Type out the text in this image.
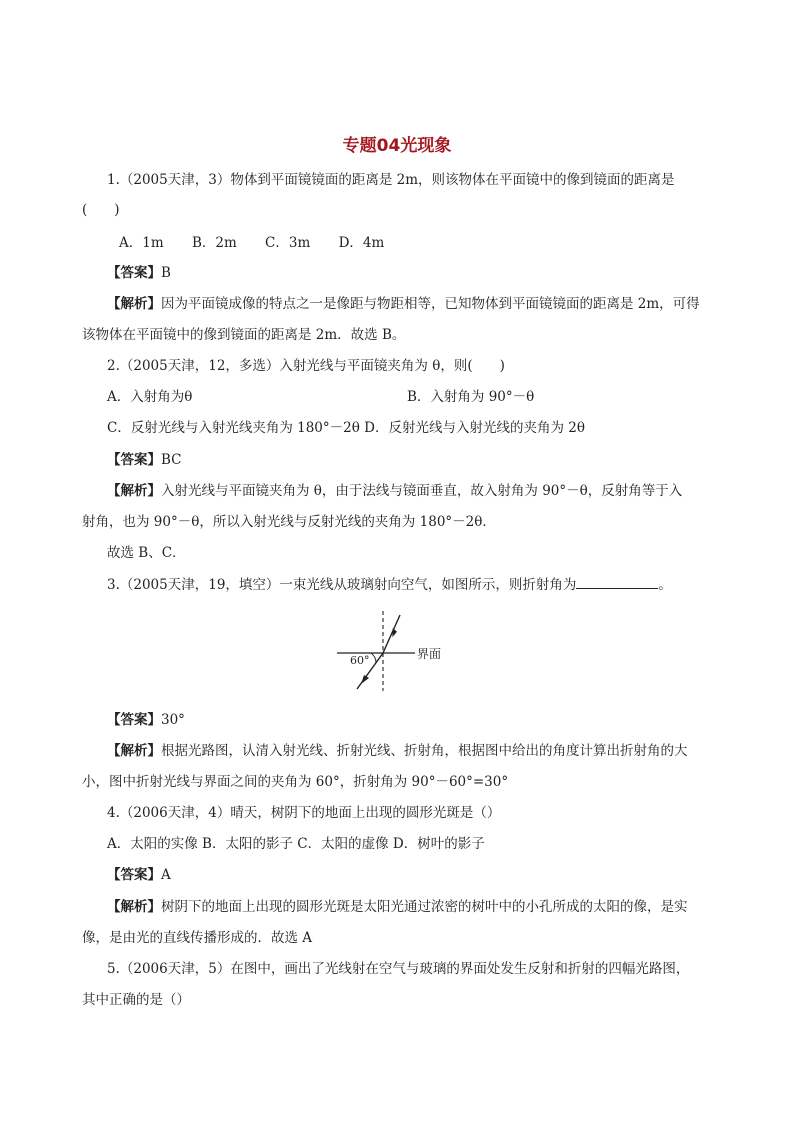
专题04光现象
1.（2005天津，3）物体到平面镜镜面的距离是 2m，则该物体在平面镜中的像到镜面的距离是
(　　)
A．1m B．2m C．3m D．4m
【答案】B
【解析】因为平面镜成像的特点之一是像距与物距相等，已知物体到平面镜镜面的距离是 2m，可得
该物体在平面镜中的像到镜面的距离是 2m．故选 B。
2.（2005天津，12，多选）入射光线与平面镜夹角为 θ，则(　　)
A．入射角为θ	B．入射角为 90°－θ
C．反射光线与入射光线夹角为 180°－2θ D．反射光线与入射光线的夹角为 2θ
【答案】BC
【解析】入射光线与平面镜夹角为 θ，由于法线与镜面垂直，故入射角为 90°－θ，反射角等于入
射角，也为 90°－θ，所以入射光线与反射光线的夹角为 180°－2θ．
故选 B、C．
3.（2005天津，19，填空）一束光线从玻璃射向空气，如图所示，则折射角为	。
60°	界面
【答案】30°
【解析】根据光路图，认清入射光线、折射光线、折射角，根据图中给出的角度计算出折射角的大
小，图中折射光线与界面之间的夹角为 60°，折射角为 90°－60°=30°
4.（2006天津，4）晴天，树阴下的地面上出现的圆形光斑是（）
A．太阳的实像 B．太阳的影子 C．太阳的虚像 D．树叶的影子
【答案】A
【解析】树阴下的地面上出现的圆形光斑是太阳光通过浓密的树叶中的小孔所成的太阳的像，是实
像，是由光的直线传播形成的．故选 A
5.（2006天津，5）在图中，画出了光线射在空气与玻璃的界面处发生反射和折射的四幅光路图，
其中正确的是（）
